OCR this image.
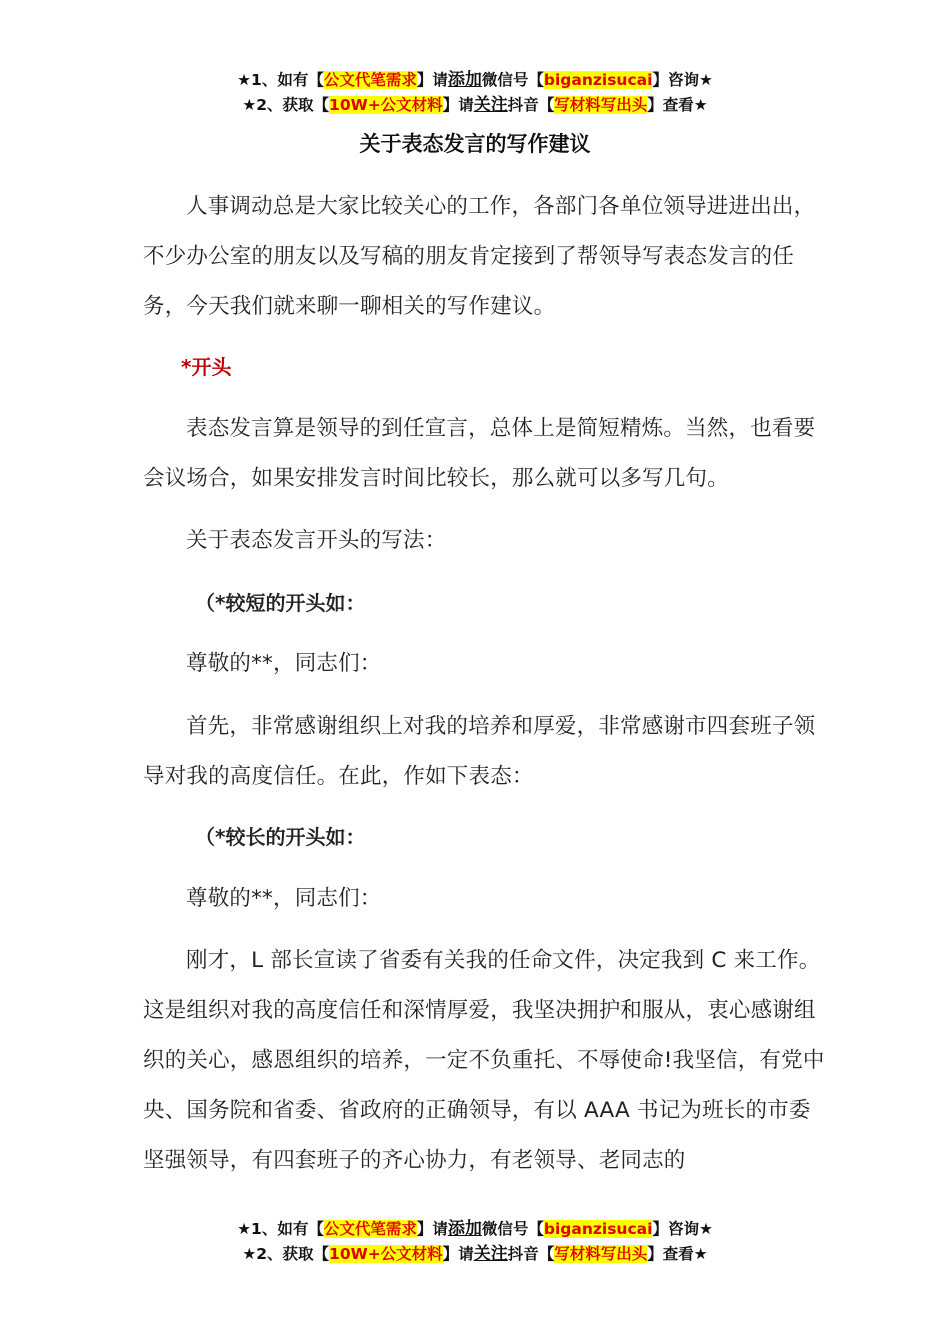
★1、如有【公文代笔需求】请添加微信号【biganzisucai】咨询★
★2、获取【10W+公文材料】请关注抖音【写材料写出头】查看★
关于表态发言的写作建议

人事调动总是大家比较关心的工作，各部门各单位领导进进出出，不少办公室的朋友以及写稿的朋友肯定接到了帮领导写表态发言的任务，今天我们就来聊一聊相关的写作建议。

*开头

表态发言算是领导的到任宣言，总体上是简短精炼。当然，也看要会议场合，如果安排发言时间比较长，那么就可以多写几句。

关于表态发言开头的写法：

（*较短的开头如：

尊敬的**，同志们：

首先，非常感谢组织上对我的培养和厚爱，非常感谢市四套班子领导对我的高度信任。在此，作如下表态：

（*较长的开头如：

尊敬的**，同志们：

刚才，L 部长宣读了省委有关我的任命文件，决定我到 C 来工作。这是组织对我的高度信任和深情厚爱，我坚决拥护和服从，衷心感谢组织的关心，感恩组织的培养，一定不负重托、不辱使命!我坚信，有党中央、国务院和省委、省政府的正确领导，有以 AAA 书记为班长的市委坚强领导，有四套班子的齐心协力，有老领导、老同志的

★1、如有【公文代笔需求】请添加微信号【biganzisucai】咨询★
★2、获取【10W+公文材料】请关注抖音【写材料写出头】查看★
